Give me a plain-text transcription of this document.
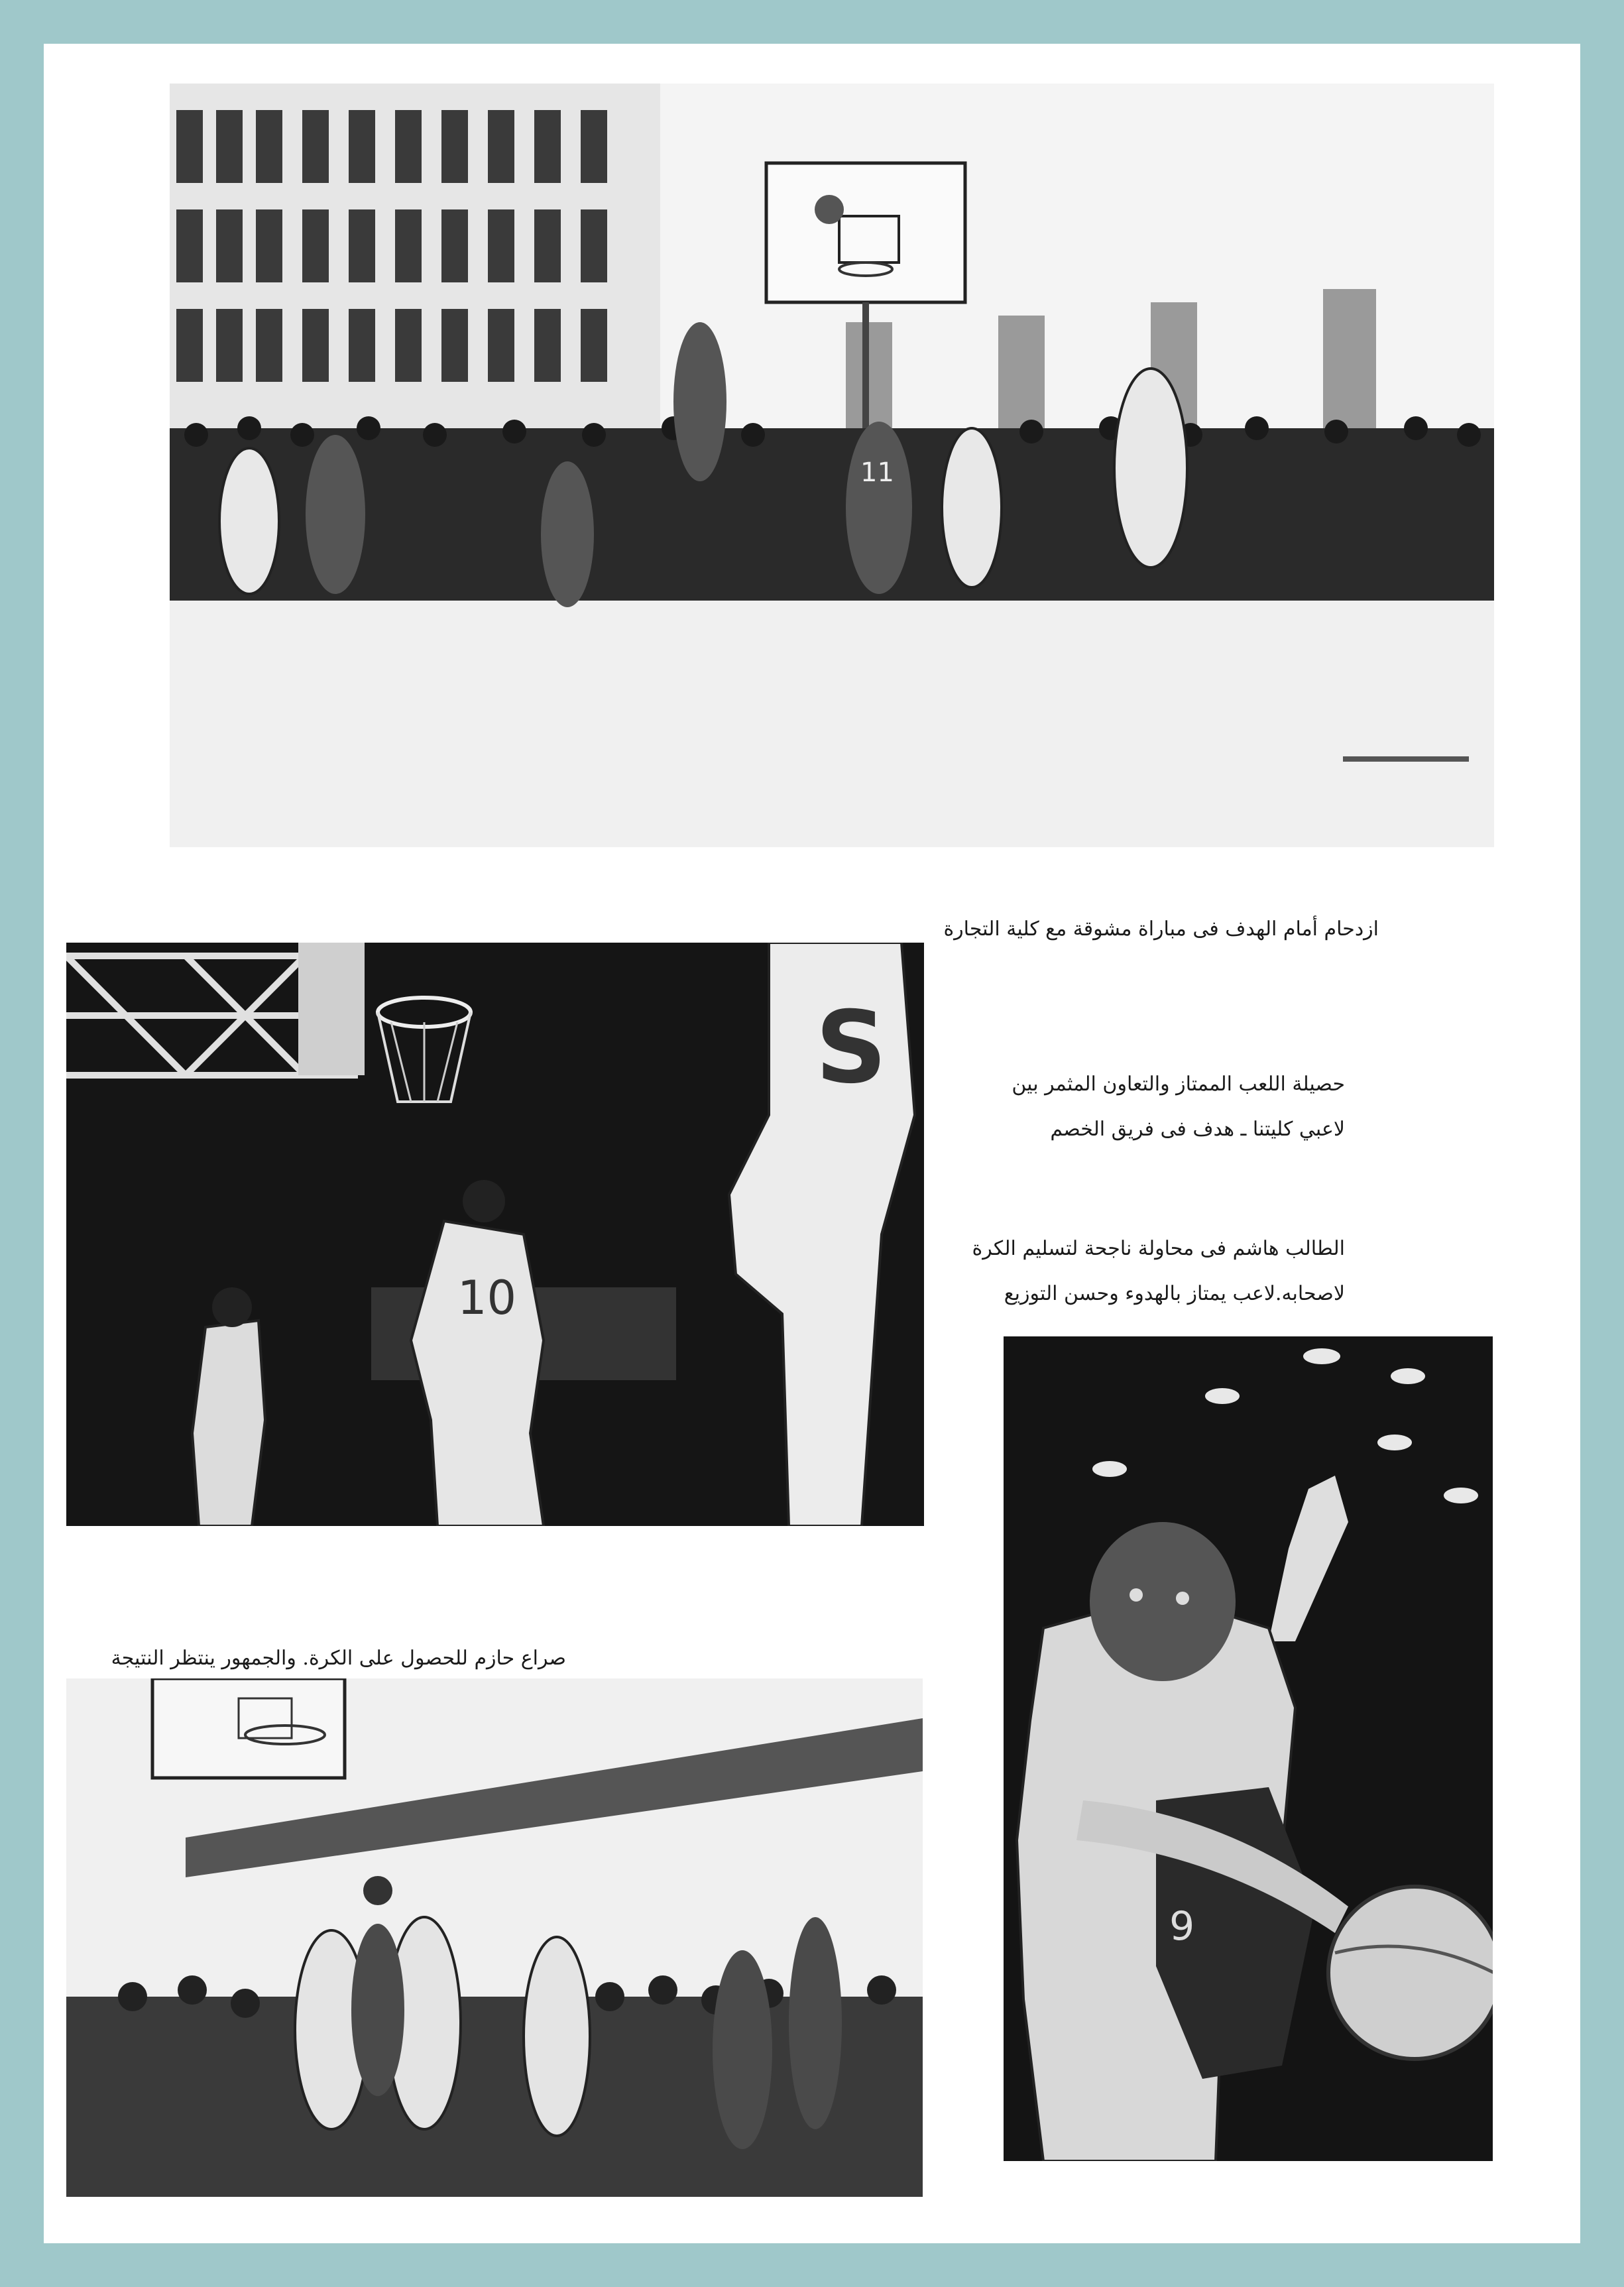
11
ازدحام أمام الهدف فى مباراة مشوقة مع كلية التجارة
S
10
حصيلة اللعب الممتاز والتعاون المثمر بين
لاعبي كليتنا ـ هدف فى فريق الخصم
الطالب هاشم فى محاولة ناجحة لتسليم الكرة
لاصحابه.لاعب يمتاز بالهدوء وحسن التوزيع
9
صراع حازم للحصول على الكرة. والجمهور ينتظر النتيجة
